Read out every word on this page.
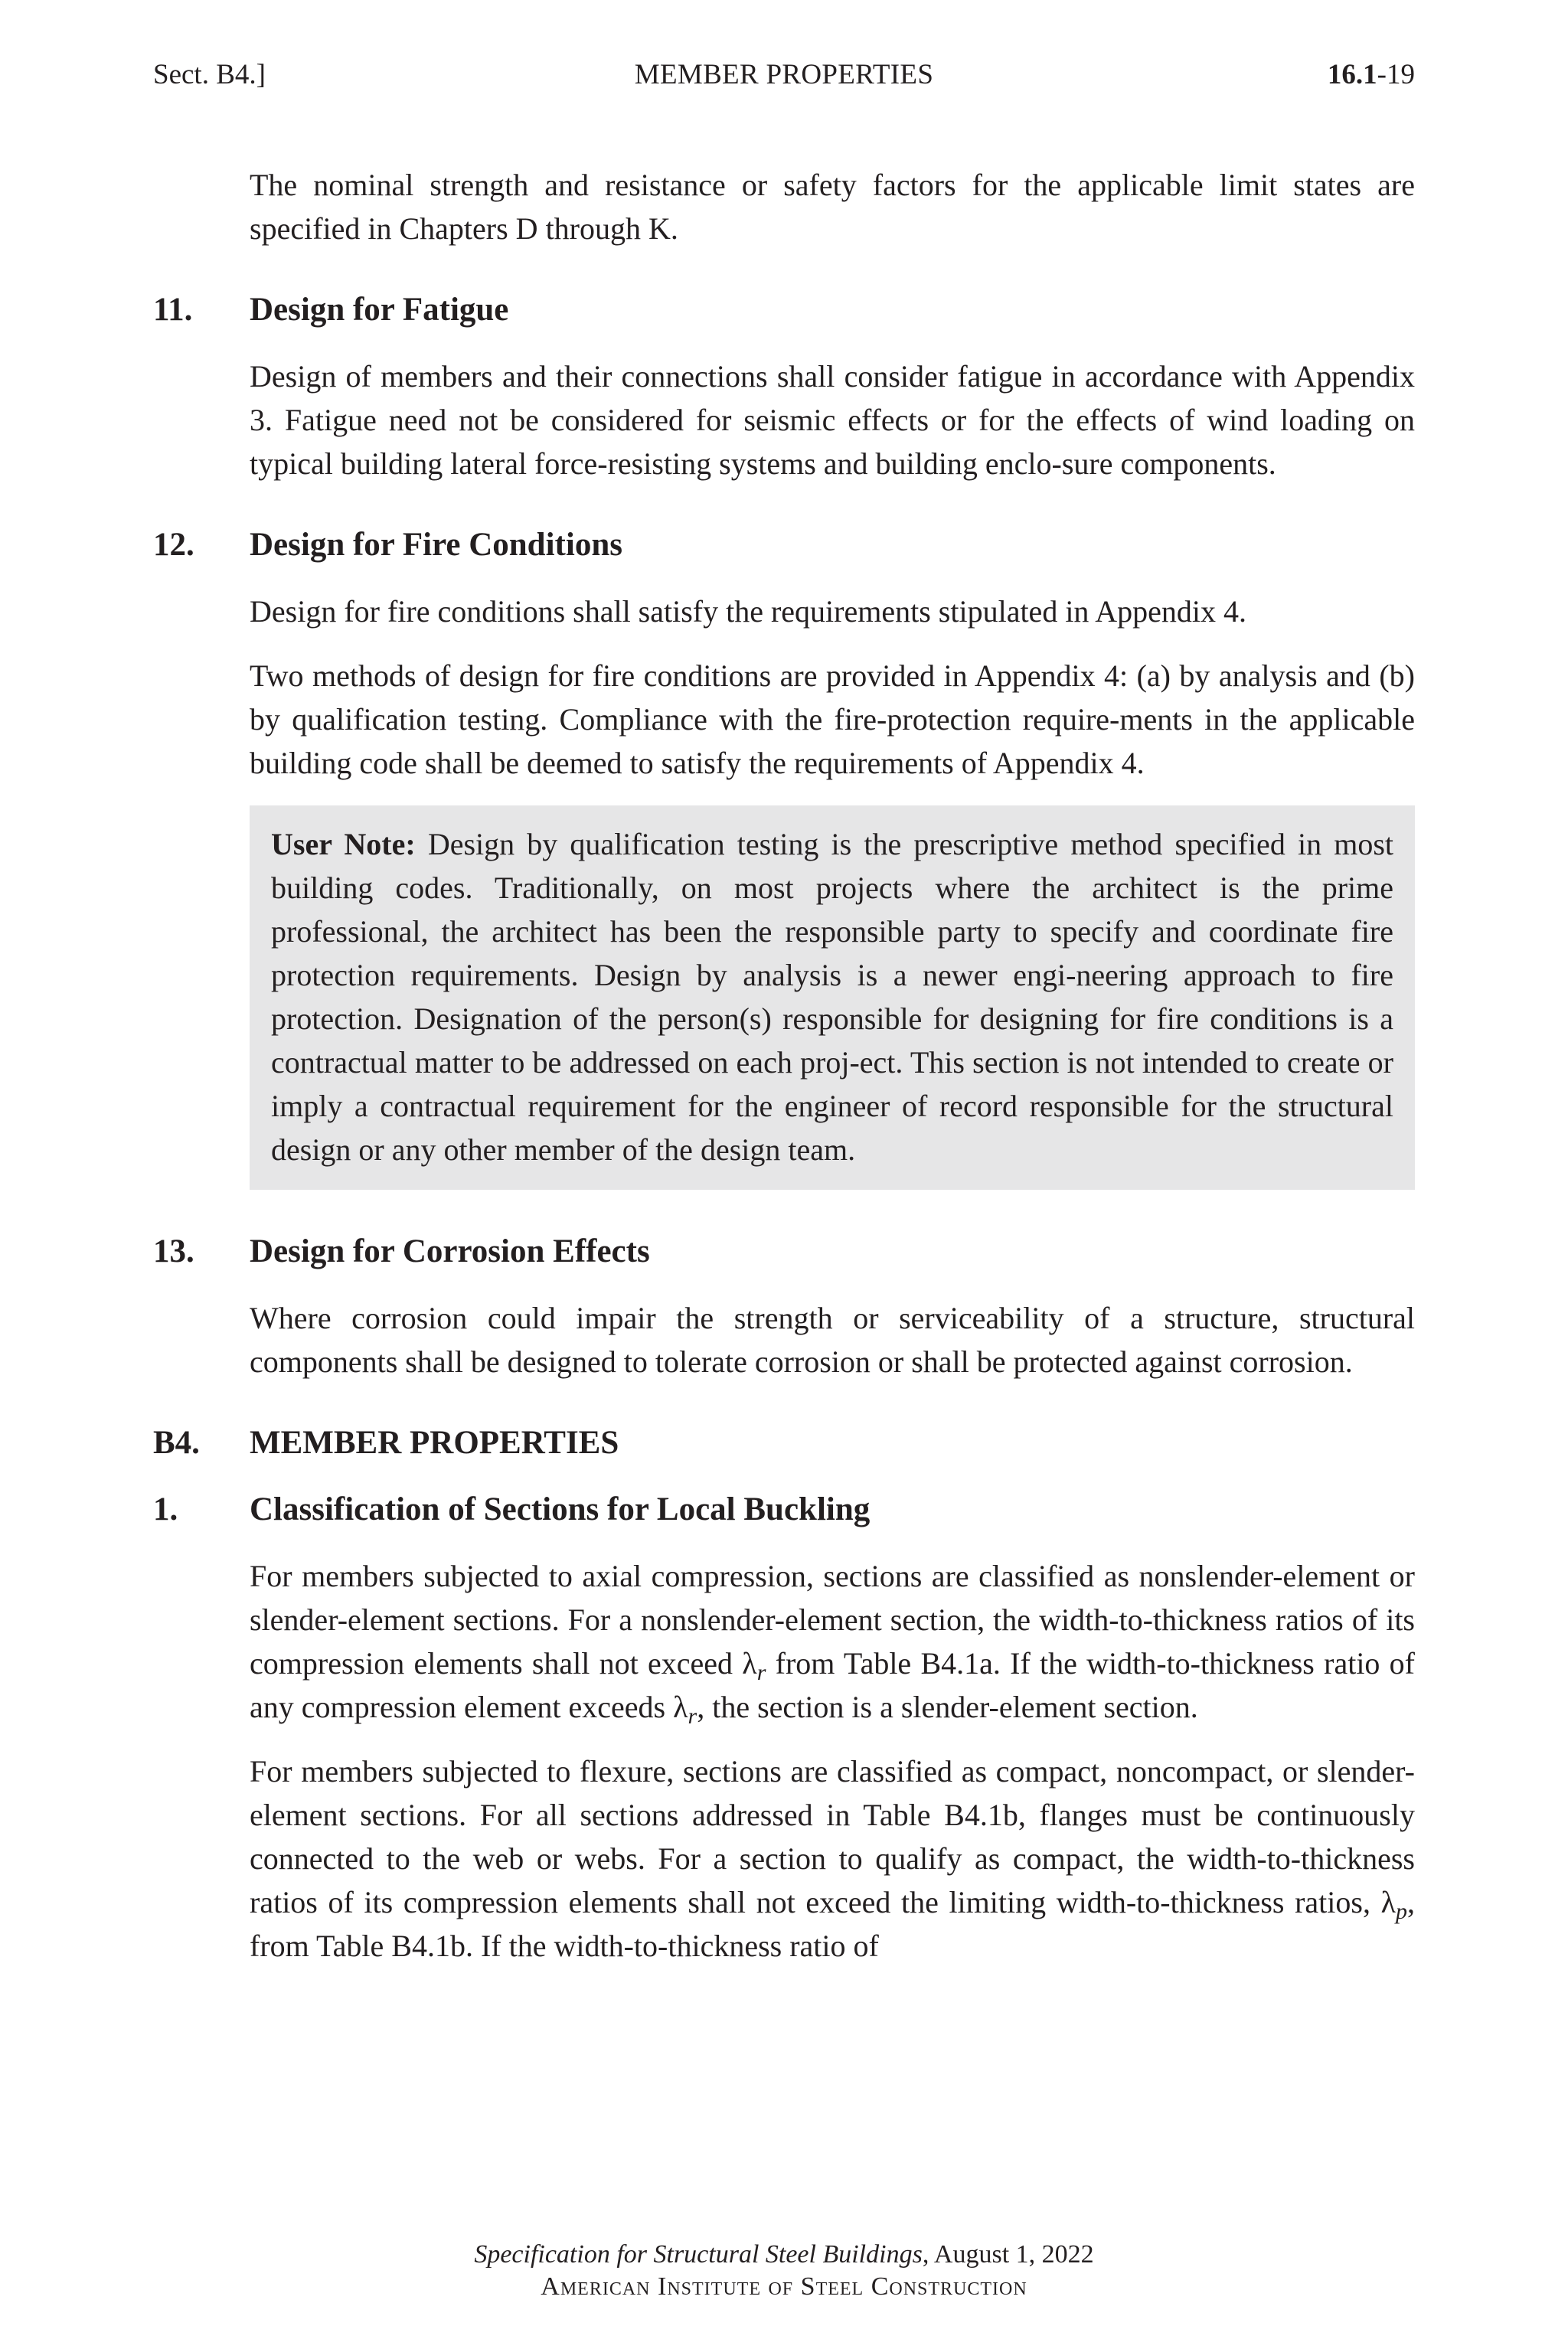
Sect. B4.]	MEMBER PROPERTIES	16.1-19

The nominal strength and resistance or safety factors for the applicable limit states are specified in Chapters D through K.

11. Design for Fatigue

Design of members and their connections shall consider fatigue in accordance with Appendix 3. Fatigue need not be considered for seismic effects or for the effects of wind loading on typical building lateral force-resisting systems and building enclo-sure components.

12. Design for Fire Conditions

Design for fire conditions shall satisfy the requirements stipulated in Appendix 4.

Two methods of design for fire conditions are provided in Appendix 4: (a) by analysis and (b) by qualification testing. Compliance with the fire-protection require-ments in the applicable building code shall be deemed to satisfy the requirements of Appendix 4.

User Note: Design by qualification testing is the prescriptive method specified in most building codes. Traditionally, on most projects where the architect is the prime professional, the architect has been the responsible party to specify and coordinate fire protection requirements. Design by analysis is a newer engi-neering approach to fire protection. Designation of the person(s) responsible for designing for fire conditions is a contractual matter to be addressed on each proj-ect. This section is not intended to create or imply a contractual requirement for the engineer of record responsible for the structural design or any other member of the design team.
13. Design for Corrosion Effects

Where corrosion could impair the strength or serviceability of a structure, structural components shall be designed to tolerate corrosion or shall be protected against corrosion.

B4. MEMBER PROPERTIES
1. Classification of Sections for Local Buckling

For members subjected to axial compression, sections are classified as nonslender-element or slender-element sections. For a nonslender-element section, the width-to-thickness ratios of its compression elements shall not exceed $\lambda_r$ from Table B4.1a. If the width-to-thickness ratio of any compression element exceeds $\lambda_r$, the section is a slender-element section.

For members subjected to flexure, sections are classified as compact, noncompact, or slender-element sections. For all sections addressed in Table B4.1b, flanges must be continuously connected to the web or webs. For a section to qualify as compact, the width-to-thickness ratios of its compression elements shall not exceed the limiting width-to-thickness ratios, $\lambda_p$, from Table B4.1b. If the width-to-thickness ratio of

Specification for Structural Steel Buildings, August 1, 2022
American Institute of Steel Construction
